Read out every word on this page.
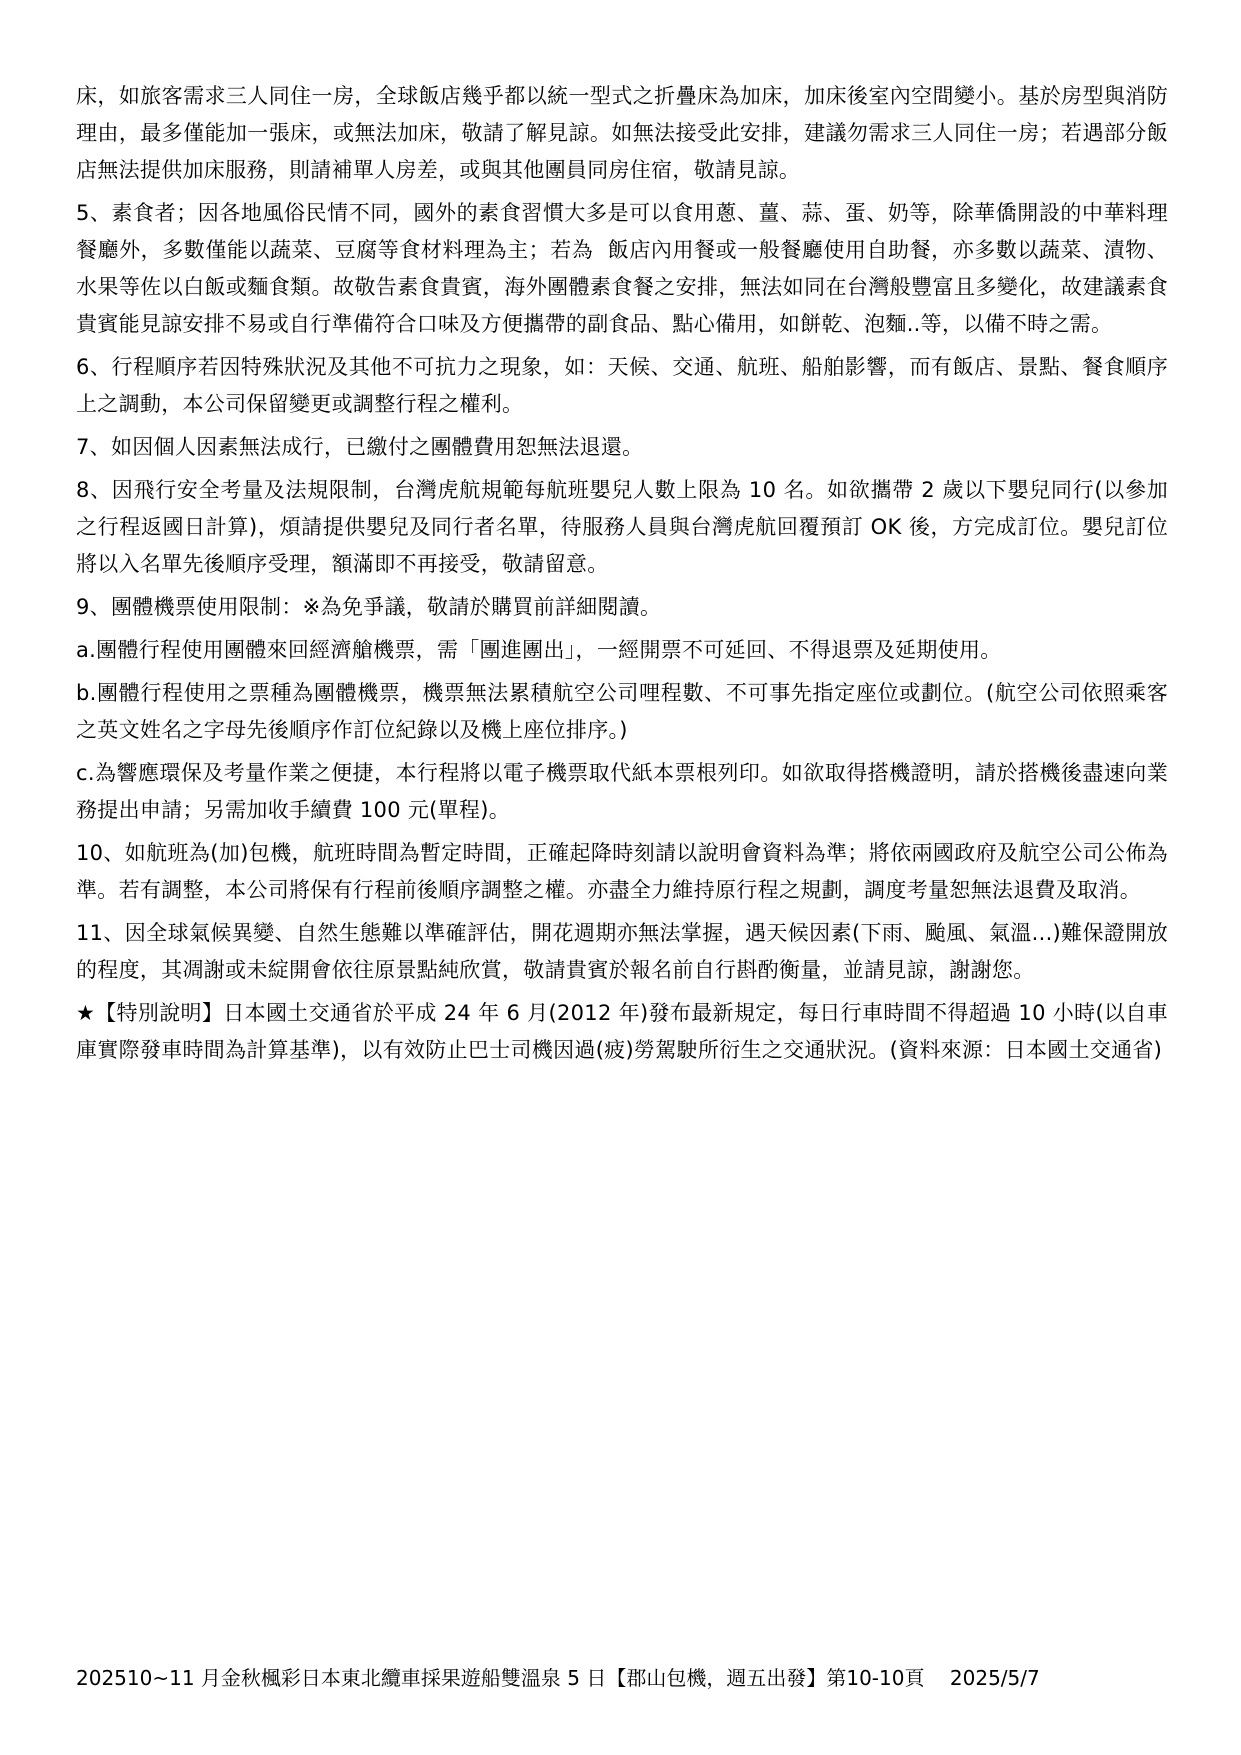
床，如旅客需求三人同住一房，全球飯店幾乎都以統一型式之折疊床為加床，加床後室內空間變小。基於房型與消防理由，最多僅能加一張床，或無法加床，敬請了解見諒。如無法接受此安排，建議勿需求三人同住一房；若遇部分飯店無法提供加床服務，則請補單人房差，或與其他團員同房住宿，敬請見諒。

5、素食者；因各地風俗民情不同，國外的素食習慣大多是可以食用蔥、薑、蒜、蛋、奶等，除華僑開設的中華料理餐廳外，多數僅能以蔬菜、豆腐等食材料理為主；若為  飯店內用餐或一般餐廳使用自助餐，亦多數以蔬菜、漬物、水果等佐以白飯或麵食類。故敬告素食貴賓，海外團體素食餐之安排，無法如同在台灣般豐富且多變化，故建議素食貴賓能見諒安排不易或自行準備符合口味及方便攜帶的副食品、點心備用，如餅乾、泡麵..等，以備不時之需。

6、行程順序若因特殊狀況及其他不可抗力之現象，如：天候、交通、航班、船舶影響，而有飯店、景點、餐食順序上之調動，本公司保留變更或調整行程之權利。

7、如因個人因素無法成行，已繳付之團體費用恕無法退還。

8、因飛行安全考量及法規限制，台灣虎航規範每航班嬰兒人數上限為 10 名。如欲攜帶 2 歲以下嬰兒同行(以參加之行程返國日計算)，煩請提供嬰兒及同行者名單，待服務人員與台灣虎航回覆預訂 OK 後，方完成訂位。嬰兒訂位將以入名單先後順序受理，額滿即不再接受，敬請留意。

9、團體機票使用限制：※為免爭議，敬請於購買前詳細閱讀。

a.團體行程使用團體來回經濟艙機票，需「團進團出」，一經開票不可延回、不得退票及延期使用。

b.團體行程使用之票種為團體機票，機票無法累積航空公司哩程數、不可事先指定座位或劃位。(航空公司依照乘客之英文姓名之字母先後順序作訂位紀錄以及機上座位排序。)

c.為響應環保及考量作業之便捷，本行程將以電子機票取代紙本票根列印。如欲取得搭機證明，請於搭機後盡速向業務提出申請；另需加收手續費 100 元(單程)。

10、如航班為(加)包機，航班時間為暫定時間，正確起降時刻請以說明會資料為準；將依兩國政府及航空公司公佈為準。若有調整，本公司將保有行程前後順序調整之權。亦盡全力維持原行程之規劃，調度考量恕無法退費及取消。

11、因全球氣候異變、自然生態難以準確評估，開花週期亦無法掌握，遇天候因素(下雨、颱風、氣溫...)難保證開放的程度，其凋謝或未綻開會依往原景點純欣賞，敬請貴賓於報名前自行斟酌衡量，並請見諒，謝謝您。

★【特別說明】日本國土交通省於平成 24 年 6 月(2012 年)發布最新規定，每日行車時間不得超過 10 小時(以自車庫實際發車時間為計算基準)，以有效防止巴士司機因過(疲)勞駕駛所衍生之交通狀況。(資料來源：日本國土交通省)

202510~11 月金秋楓彩日本東北纜車採果遊船雙溫泉 5 日【郡山包機，週五出發】第10-10頁    2025/5/7
